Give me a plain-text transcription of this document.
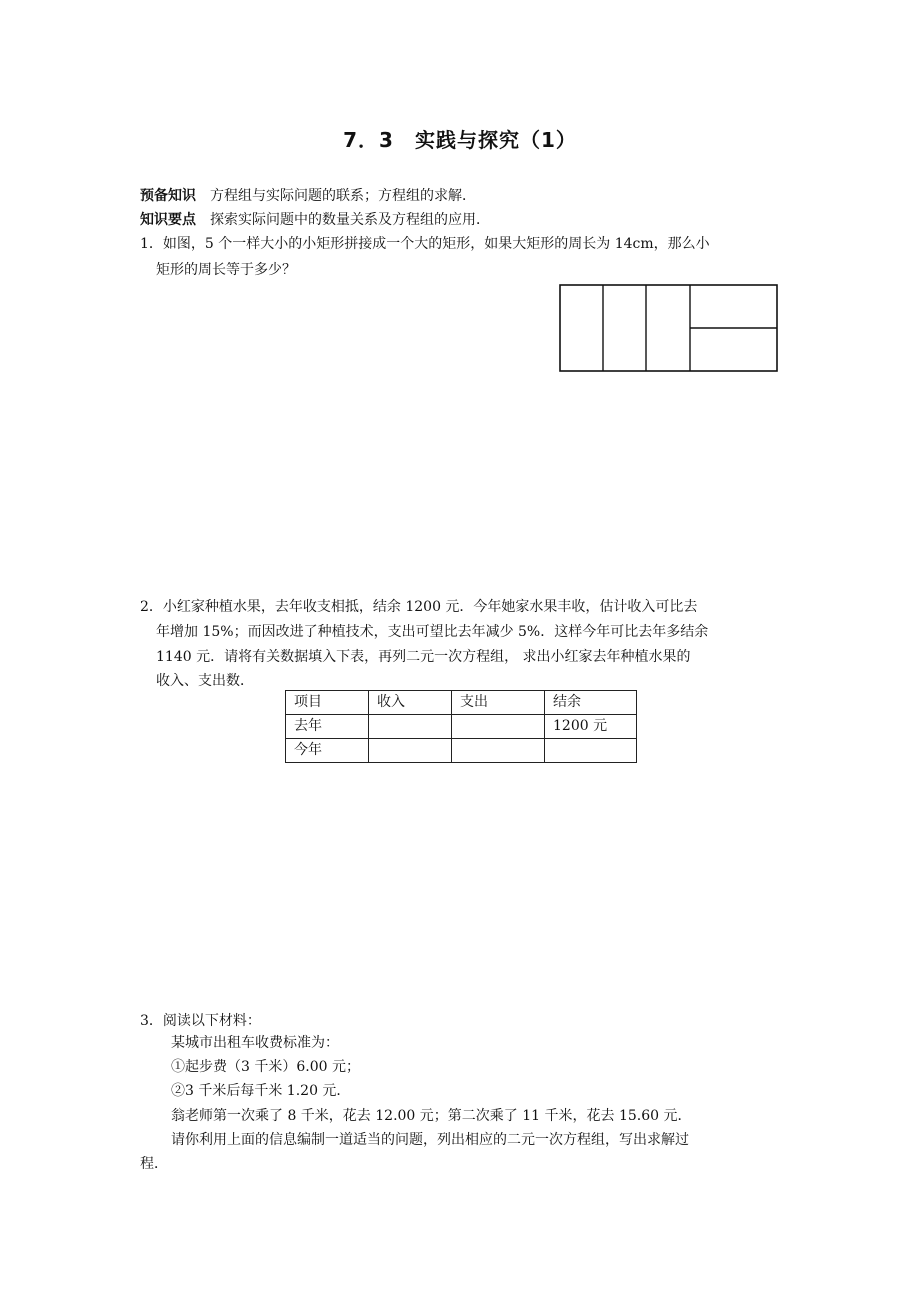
7．3　实践与探究（1）
预备知识 方程组与实际问题的联系；方程组的求解．
知识要点 探索实际问题中的数量关系及方程组的应用．
1．如图，5 个一样大小的小矩形拼接成一个大的矩形，如果大矩形的周长为 14cm，那么小
矩形的周长等于多少？
2．小红家种植水果，去年收支相抵，结余 1200 元．今年她家水果丰收，估计收入可比去
年增加 15%；而因改进了种植技术，支出可望比去年减少 5%．这样今年可比去年多结余
1140 元．请将有关数据填入下表，再列二元一次方程组， 求出小红家去年种植水果的
收入、支出数．
项目	收入	支出	结余
去年			1200 元
今年			
3．阅读以下材料：
某城市出租车收费标准为：
①起步费（3 千米）6.00 元；
②3 千米后每千米 1.20 元．
翁老师第一次乘了 8 千米，花去 12.00 元；第二次乘了 11 千米，花去 15.60 元．
请你利用上面的信息编制一道适当的问题，列出相应的二元一次方程组，写出求解过
程．
